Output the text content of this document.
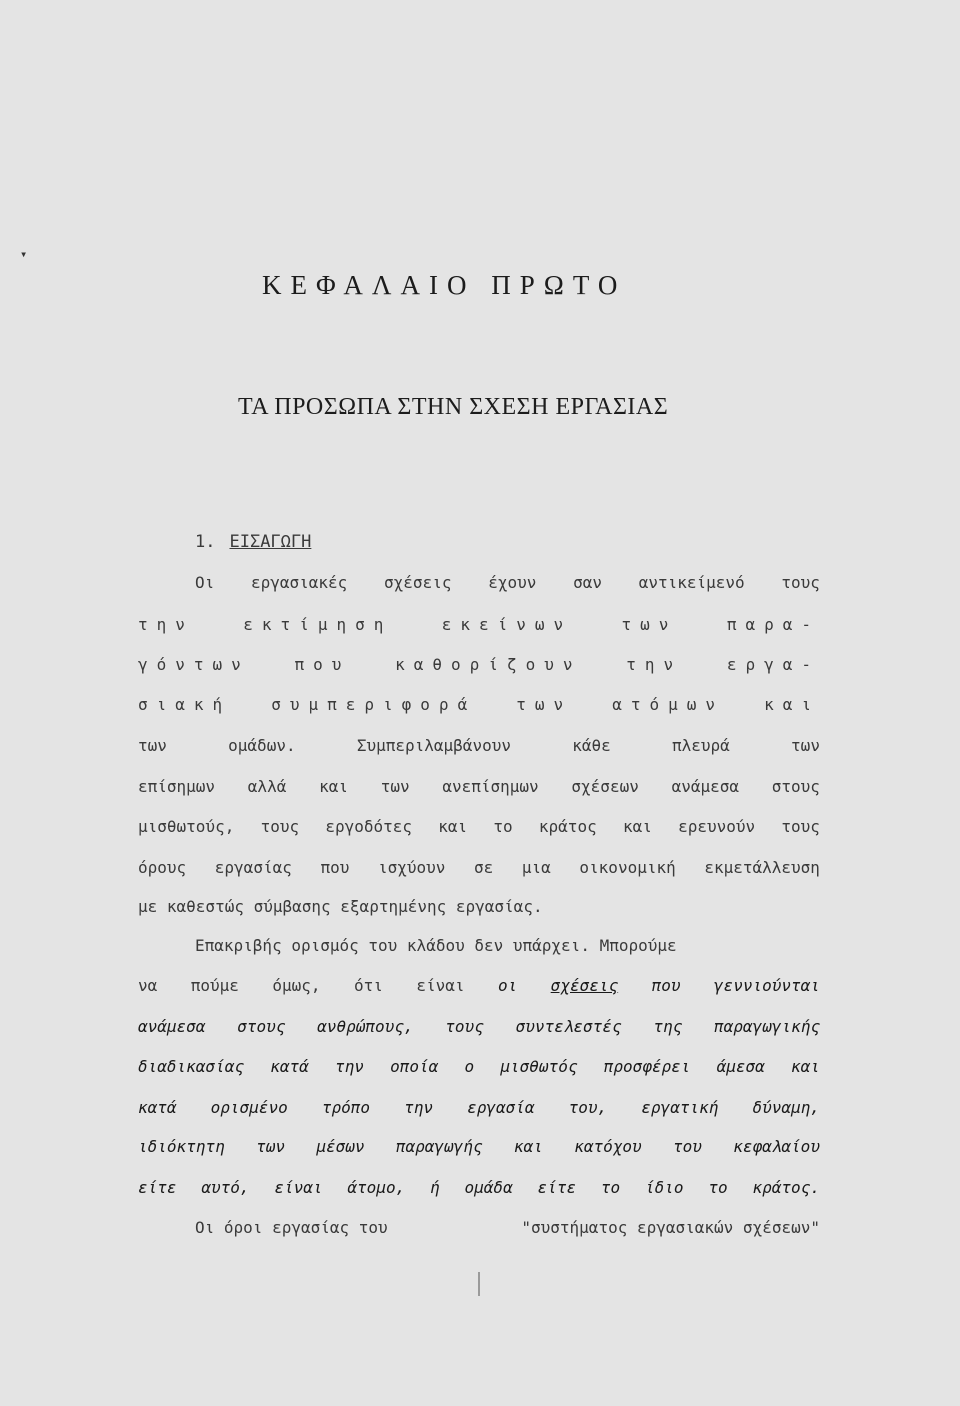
▾
ΚΕΦΑΛΑΙΟ ΠΡΩΤΟ
ΤΑ ΠΡΟΣΩΠΑ ΣΤΗΝ ΣΧΕΣΗ ΕΡΓΑΣΙΑΣ
1. ΕΙΣΑΓΩΓΗ
Οι εργασιακές σχέσεις έχουν σαν αντικείμενό τους
την	εκτίμηση	εκείνων	των	παρα-
γόντων	που	καθορίζουν	την	εργα-
σιακή	συμπεριφορά	των	ατόμων	και
των	ομάδων.	Συμπεριλαμβάνουν	κάθε	πλευρά	των
επίσημων αλλά και των ανεπίσημων σχέσεων ανάμεσα στους
μισθωτούς, τους εργοδότες και το κράτος και ερευνούν τους
όρους εργασίας που ισχύουν σε μια οικονομική εκμετάλλευση
με καθεστώς σύμβασης εξαρτημένης εργασίας.
Επακριβής ορισμός του κλάδου δεν υπάρχει. Μπορούμε
να πούμε όμως, ότι είναι οι σχέσεις που γεννιούνται
ανάμεσα στους ανθρώπους, τους συντελεστές της παραγωγικής
διαδικασίας κατά την οποία ο μισθωτός προσφέρει άμεσα και
κατά ορισμένο τρόπο την εργασία του, εργατική δύναμη,
ιδιόκτητη των μέσων παραγωγής και κατόχου του κεφαλαίου
είτε αυτό, είναι άτομο, ή ομάδα είτε το ίδιο το κράτος.
Οι όροι εργασίας του	"συστήματος εργασιακών σχέσεων"
